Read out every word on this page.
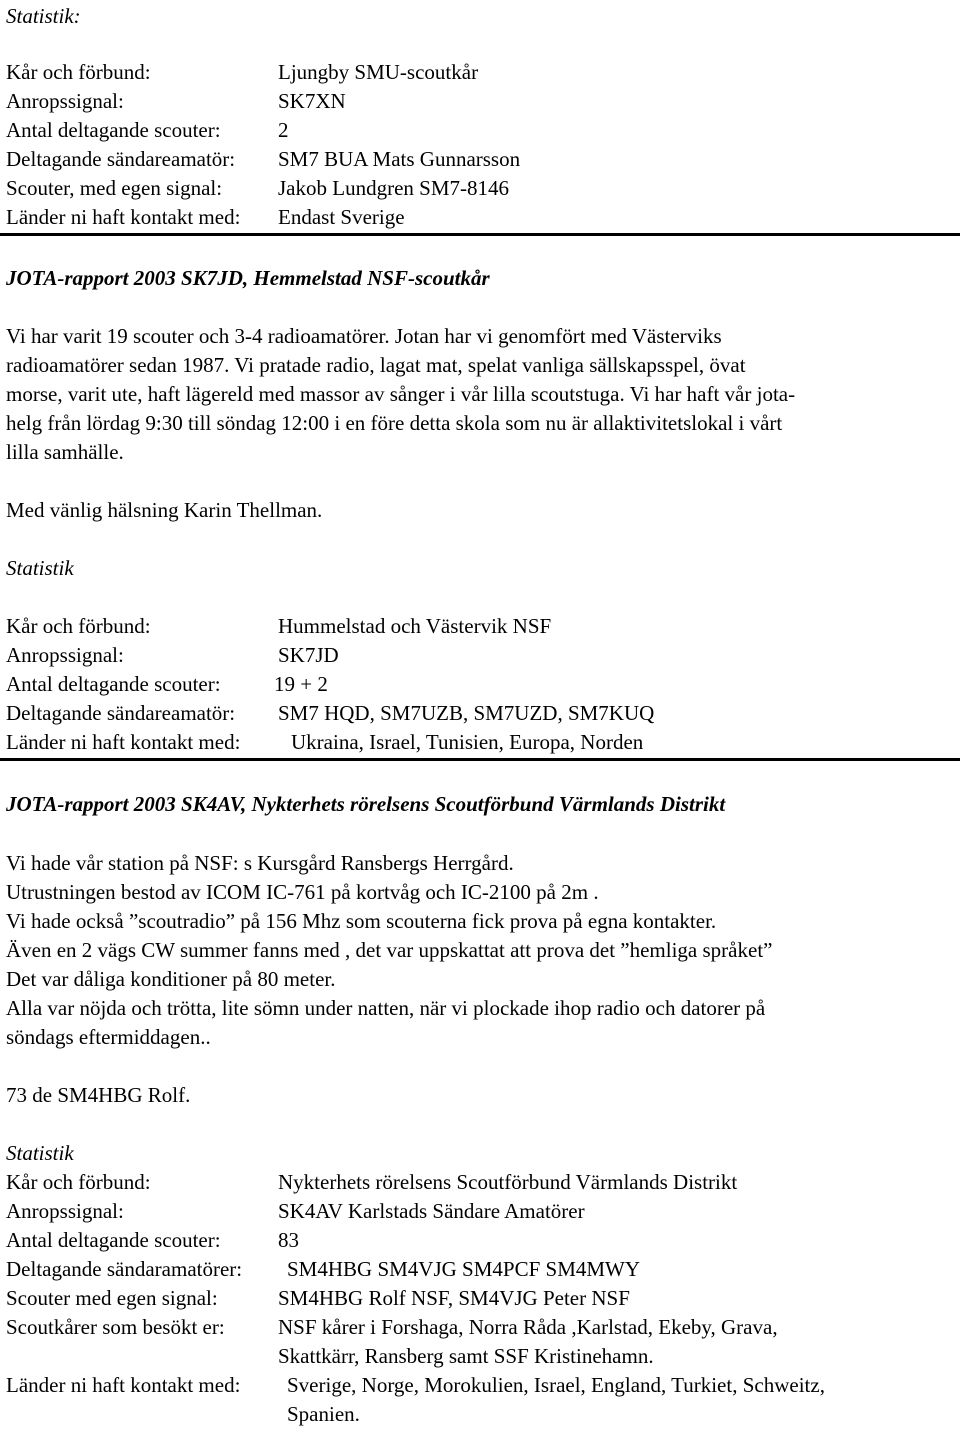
Statistik:
Kår och förbund:	Ljungby SMU-scoutkår
Anropssignal:	SK7XN
Antal deltagande scouter:	2
Deltagande sändareamatör: SM7 BUA Mats Gunnarsson
Scouter, med egen signal:	Jakob Lundgren SM7-8146
Länder ni haft kontakt med: Endast Sverige
JOTA-rapport 2003 SK7JD, Hemmelstad NSF-scoutkår
Vi har varit 19 scouter och 3-4 radioamatörer. Jotan har vi genomfört med Västerviks
radioamatörer sedan 1987. Vi pratade radio, lagat mat, spelat vanliga sällskapsspel, övat
morse, varit ute, haft lägereld med massor av sånger i vår lilla scoutstuga. Vi har haft vår jota-
helg från lördag 9:30 till söndag 12:00 i en före detta skola som nu är allaktivitetslokal i vårt
lilla samhälle.
Med vänlig hälsning Karin Thellman.
Statistik
Kår och förbund:	Hummelstad och Västervik NSF
Anropssignal:	SK7JD
Antal deltagande scouter:	19 + 2
Deltagande sändareamatör: SM7 HQD, SM7UZB, SM7UZD, SM7KUQ
Länder ni haft kontakt med: Ukraina, Israel, Tunisien, Europa, Norden
JOTA-rapport 2003 SK4AV, Nykterhets rörelsens Scoutförbund Värmlands Distrikt
Vi hade vår station på NSF: s Kursgård Ransbergs Herrgård.
Utrustningen bestod av ICOM IC-761 på kortvåg och IC-2100 på 2m .
Vi hade också ”scoutradio” på 156 Mhz som scouterna fick prova på egna kontakter.
Även en 2 vägs CW summer fanns med , det var uppskattat att prova det ”hemliga språket”
Det var dåliga konditioner på 80 meter.
Alla var nöjda och trötta, lite sömn under natten, när vi plockade ihop radio och datorer på
söndags eftermiddagen..
73 de SM4HBG Rolf.
Statistik
Kår och förbund:	Nykterhets rörelsens Scoutförbund Värmlands Distrikt
Anropssignal:	SK4AV Karlstads Sändare Amatörer
Antal deltagande scouter:	83
Deltagande sändaramatörer: SM4HBG SM4VJG SM4PCF SM4MWY
Scouter med egen signal:	SM4HBG Rolf NSF, SM4VJG Peter NSF
Scoutkårer som besökt er:	NSF kårer i Forshaga, Norra Råda ,Karlstad, Ekeby, Grava,
Skattkärr, Ransberg samt SSF Kristinehamn.
Länder ni haft kontakt med: Sverige, Norge, Morokulien, Israel, England, Turkiet, Schweitz,
Spanien.
